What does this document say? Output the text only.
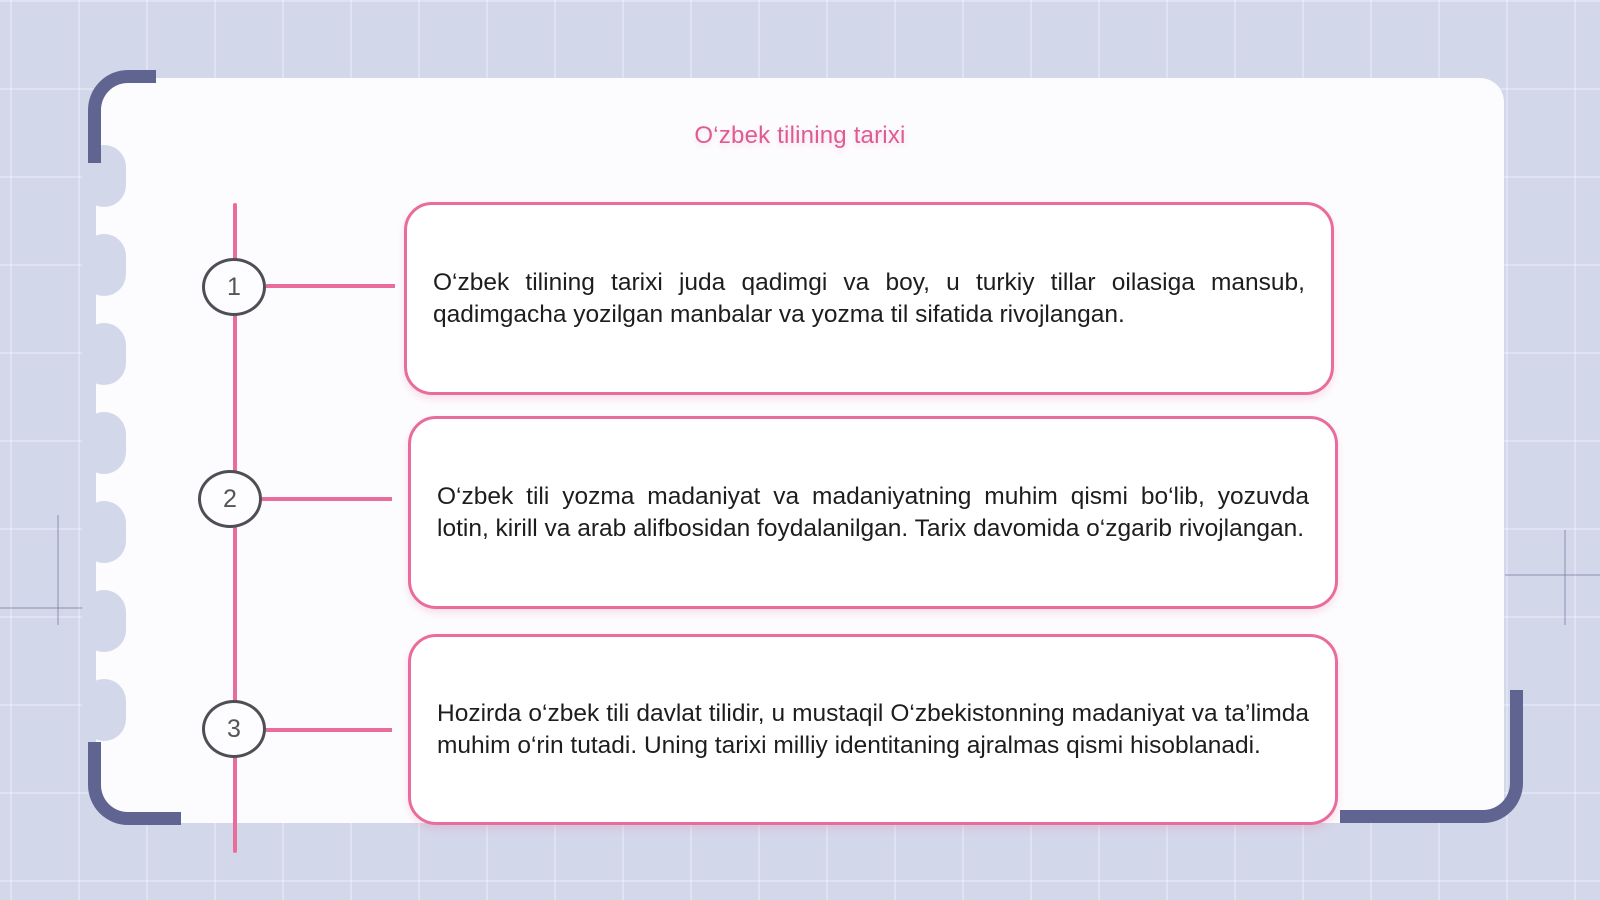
O‘zbek tilining tarixi
1	O‘zbek tilining tarixi juda qadimgi va boy, u turkiy tillar oilasiga mansub, qadimgacha yozilgan manbalar va yozma til sifatida rivojlangan.

2	O‘zbek tili yozma madaniyat va madaniyatning muhim qismi bo‘lib, yozuvda lotin, kirill va arab alifbosidan foydalanilgan. Tarix davomida o‘zgarib rivojlangan.

3

Hozirda o‘zbek tili davlat tilidir, u mustaqil O‘zbekistonning madaniyat va ta’limda muhim o‘rin tutadi. Uning tarixi milliy identitaning ajralmas qismi hisoblanadi.
